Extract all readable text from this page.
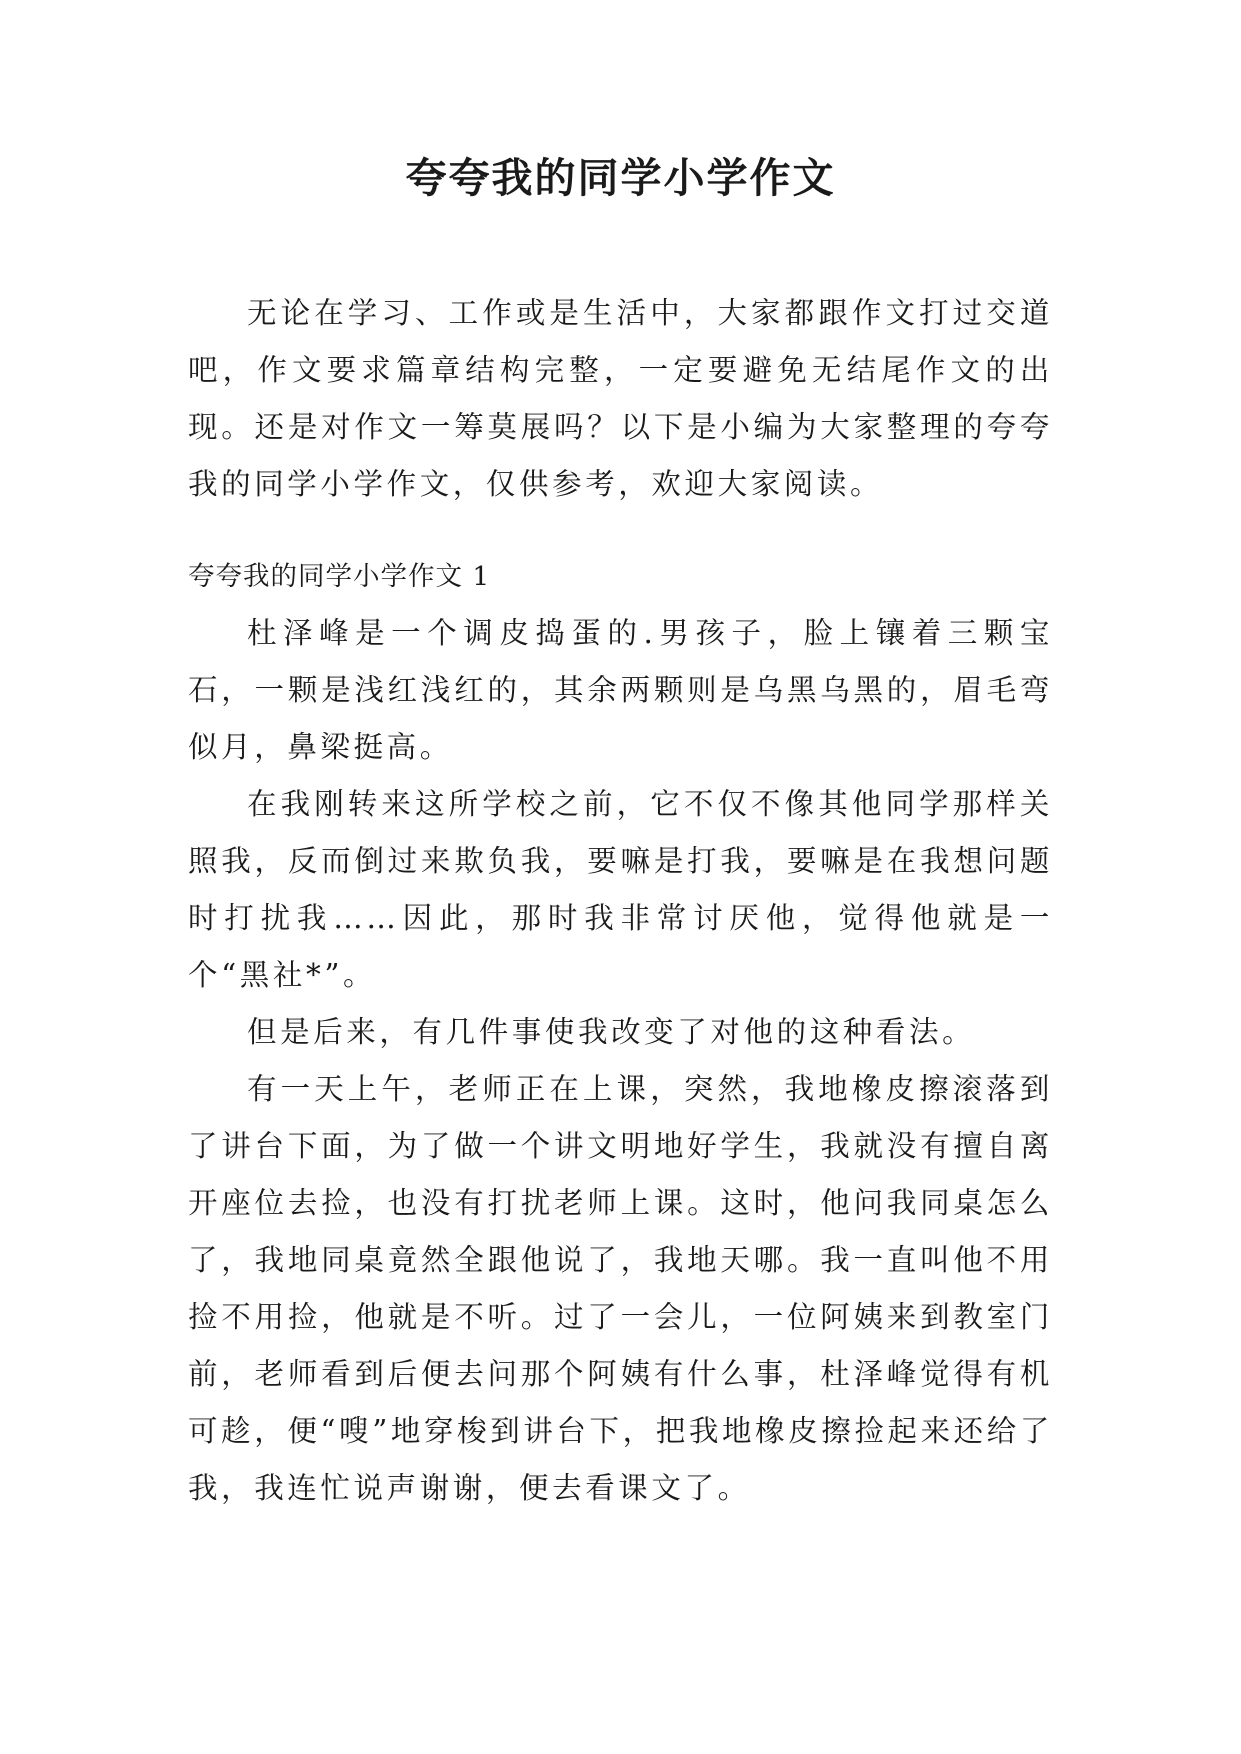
夸夸我的同学小学作文

无论在学习、工作或是生活中，大家都跟作文打过交道吧，作文要求篇章结构完整，一定要避免无结尾作文的出现。还是对作文一筹莫展吗？以下是小编为大家整理的夸夸我的同学小学作文，仅供参考，欢迎大家阅读。

夸夸我的同学小学作文 1

杜泽峰是一个调皮捣蛋的.男孩子，脸上镶着三颗宝石，一颗是浅红浅红的，其余两颗则是乌黑乌黑的，眉毛弯似月，鼻梁挺高。

在我刚转来这所学校之前，它不仅不像其他同学那样关照我，反而倒过来欺负我，要嘛是打我，要嘛是在我想问题时打扰我……因此，那时我非常讨厌他，觉得他就是一个“黑社*”。

但是后来，有几件事使我改变了对他的这种看法。

有一天上午，老师正在上课，突然，我地橡皮擦滚落到了讲台下面，为了做一个讲文明地好学生，我就没有擅自离开座位去捡，也没有打扰老师上课。这时，他问我同桌怎么了，我地同桌竟然全跟他说了，我地天哪。我一直叫他不用捡不用捡，他就是不听。过了一会儿，一位阿姨来到教室门前，老师看到后便去问那个阿姨有什么事，杜泽峰觉得有机可趁，便“嗖”地穿梭到讲台下，把我地橡皮擦捡起来还给了我，我连忙说声谢谢，便去看课文了。
